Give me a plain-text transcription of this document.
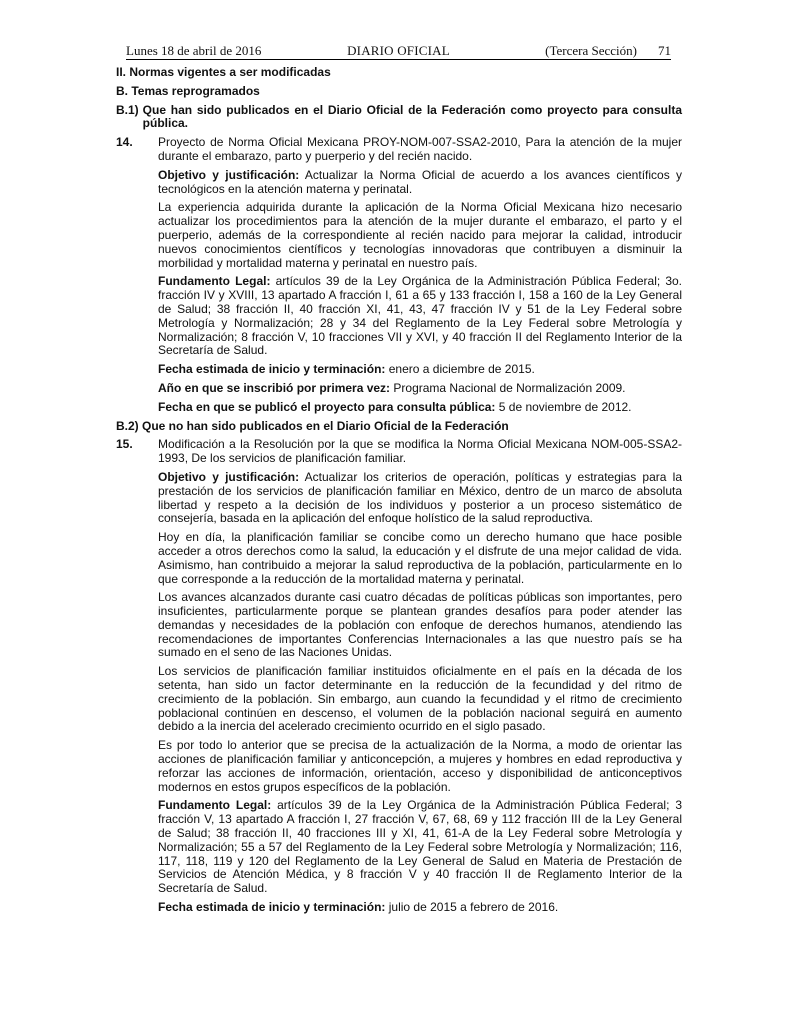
Lunes 18 de abril de 2016	DIARIO OFICIAL	(Tercera Sección) 71
II. Normas vigentes a ser modificadas
B. Temas reprogramados
B.1) Que han sido publicados en el Diario Oficial de la Federación como proyecto para consulta pública.
14.	Proyecto de Norma Oficial Mexicana PROY-NOM-007-SSA2-2010, Para la atención de la mujer durante el embarazo, parto y puerperio y del recién nacido.

Objetivo y justificación: Actualizar la Norma Oficial de acuerdo a los avances científicos y tecnológicos en la atención materna y perinatal.

La experiencia adquirida durante la aplicación de la Norma Oficial Mexicana hizo necesario actualizar los procedimientos para la atención de la mujer durante el embarazo, el parto y el puerperio, además de la correspondiente al recién nacido para mejorar la calidad, introducir nuevos conocimientos científicos y tecnologías innovadoras que contribuyen a disminuir la morbilidad y mortalidad materna y perinatal en nuestro país.

Fundamento Legal: artículos 39 de la Ley Orgánica de la Administración Pública Federal; 3o. fracción IV y XVIII, 13 apartado A fracción I, 61 a 65 y 133 fracción I, 158 a 160 de la Ley General de Salud; 38 fracción II, 40 fracción XI, 41, 43, 47 fracción IV y 51 de la Ley Federal sobre Metrología y Normalización; 28 y 34 del Reglamento de la Ley Federal sobre Metrología y Normalización; 8 fracción V, 10 fracciones VII y XVI, y 40 fracción II del Reglamento Interior de la Secretaría de Salud.

Fecha estimada de inicio y terminación: enero a diciembre de 2015.

Año en que se inscribió por primera vez: Programa Nacional de Normalización 2009.

Fecha en que se publicó el proyecto para consulta pública: 5 de noviembre de 2012.

B.2) Que no han sido publicados en el Diario Oficial de la Federación
15.	Modificación a la Resolución por la que se modifica la Norma Oficial Mexicana NOM-005-SSA2-1993, De los servicios de planificación familiar.

Objetivo y justificación: Actualizar los criterios de operación, políticas y estrategias para la prestación de los servicios de planificación familiar en México, dentro de un marco de absoluta libertad y respeto a la decisión de los individuos y posterior a un proceso sistemático de consejería, basada en la aplicación del enfoque holístico de la salud reproductiva.

Hoy en día, la planificación familiar se concibe como un derecho humano que hace posible acceder a otros derechos como la salud, la educación y el disfrute de una mejor calidad de vida. Asimismo, han contribuido a mejorar la salud reproductiva de la población, particularmente en lo que corresponde a la reducción de la mortalidad materna y perinatal.

Los avances alcanzados durante casi cuatro décadas de políticas públicas son importantes, pero insuficientes, particularmente porque se plantean grandes desafíos para poder atender las demandas y necesidades de la población con enfoque de derechos humanos, atendiendo las recomendaciones de importantes Conferencias Internacionales a las que nuestro país se ha sumado en el seno de las Naciones Unidas.

Los servicios de planificación familiar instituidos oficialmente en el país en la década de los setenta, han sido un factor determinante en la reducción de la fecundidad y del ritmo de crecimiento de la población. Sin embargo, aun cuando la fecundidad y el ritmo de crecimiento poblacional continúen en descenso, el volumen de la población nacional seguirá en aumento debido a la inercia del acelerado crecimiento ocurrido en el siglo pasado.

Es por todo lo anterior que se precisa de la actualización de la Norma, a modo de orientar las acciones de planificación familiar y anticoncepción, a mujeres y hombres en edad reproductiva y reforzar las acciones de información, orientación, acceso y disponibilidad de anticonceptivos modernos en estos grupos específicos de la población.

Fundamento Legal: artículos 39 de la Ley Orgánica de la Administración Pública Federal; 3 fracción V, 13 apartado A fracción I, 27 fracción V, 67, 68, 69 y 112 fracción III de la Ley General de Salud; 38 fracción II, 40 fracciones III y XI, 41, 61-A de la Ley Federal sobre Metrología y Normalización; 55 a 57 del Reglamento de la Ley Federal sobre Metrología y Normalización; 116, 117, 118, 119 y 120 del Reglamento de la Ley General de Salud en Materia de Prestación de Servicios de Atención Médica, y 8 fracción V y 40 fracción II de Reglamento Interior de la Secretaría de Salud.

Fecha estimada de inicio y terminación: julio de 2015 a febrero de 2016.
